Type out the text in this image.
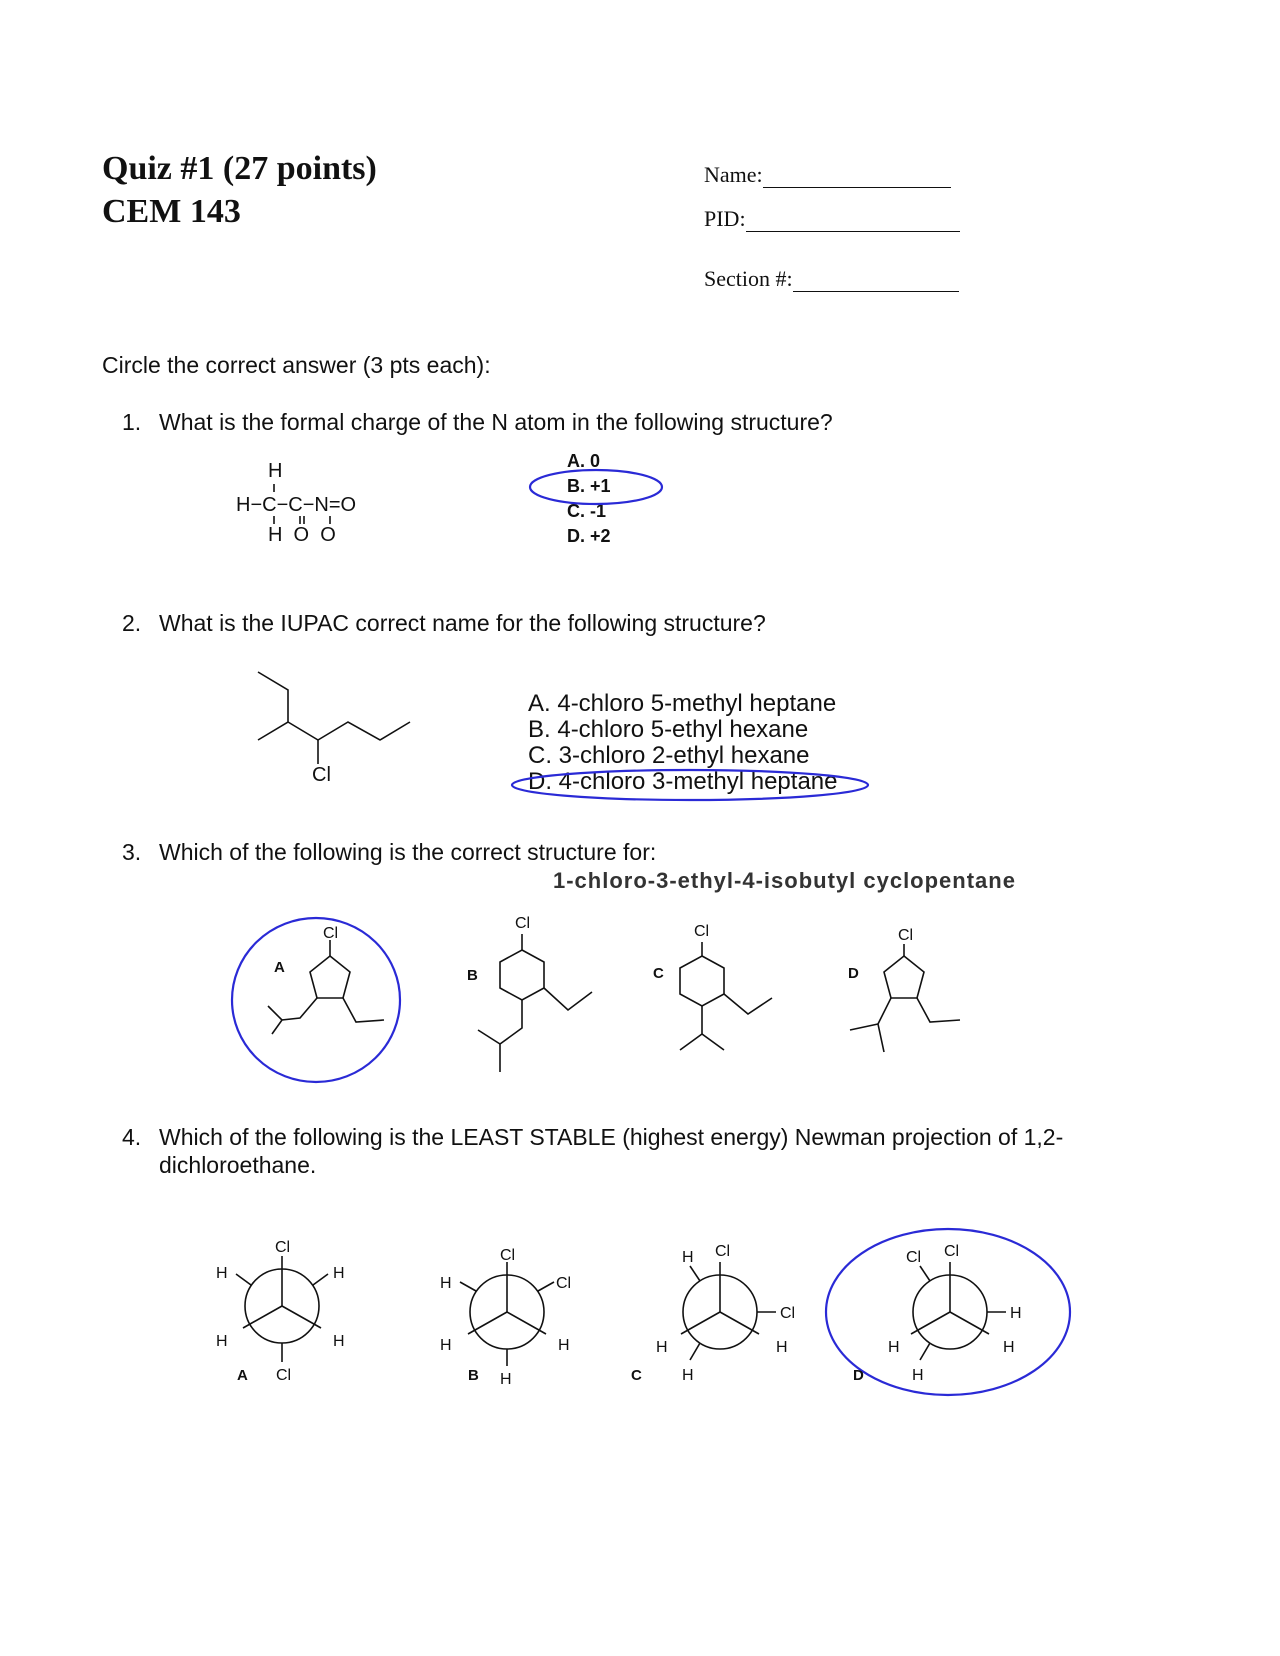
Quiz #1 (27 points)
CEM 143
Name:
PID:
Section #:
Circle the correct answer (3 pts each):
1. What is the formal charge of the N atom in the following structure?
H
H−C−C−N=O
H  O  O
A. 0
B. +1
C. -1
D. +2
2. What is the IUPAC correct name for the following structure?
Cl
A. 4-chloro 5-methyl heptane
B. 4-chloro 5-ethyl hexane
C. 3-chloro 2-ethyl hexane
D. 4-chloro 3-methyl heptane
3. Which of the following is the correct structure for:
1-chloro-3-ethyl-4-isobutyl cyclopentane
4. Which of the following is the LEAST STABLE (highest energy) Newman projection of 1,2-
dichloroethane.
A	B	C	D
Cl
Cl	Cl	Cl
A	B	C	D
Cl
H	H
H	H
Cl
Cl
H	Cl
H	H
H
H Cl
Cl
H	H
H
Cl Cl
H
H	H
H
